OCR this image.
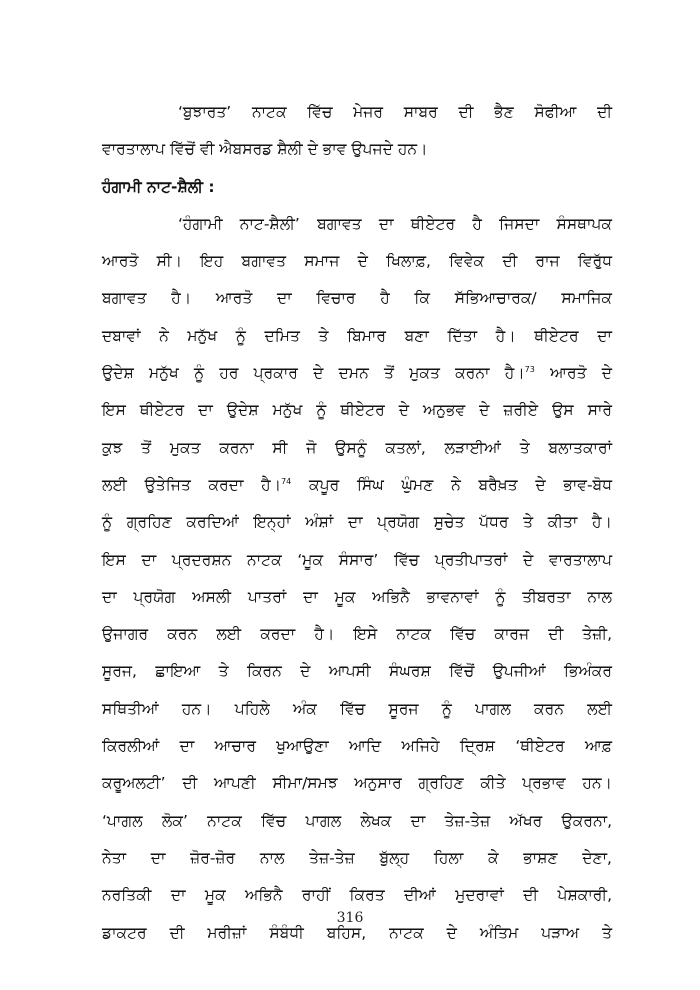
‘ਬੁਝਾਰਤ’ ਨਾਟਕ ਵਿੱਚ ਮੇਜਰ ਸਾਬਰ ਦੀ ਭੈਣ ਸੋਫੀਆ ਦੀ
ਵਾਰਤਾਲਾਪ ਵਿੱਚੋਂ ਵੀ ਐਬਸਰਡ ਸ਼ੈਲੀ ਦੇ ਭਾਵ ਉਪਜਦੇ ਹਨ।
ਹੰਗਾਮੀ ਨਾਟ-ਸ਼ੈਲੀ :
‘ਹੰਗਾਮੀ ਨਾਟ-ਸ਼ੈਲੀ’ ਬਗਾਵਤ ਦਾ ਥੀਏਟਰ ਹੈ ਜਿਸਦਾ ਸੰਸਥਾਪਕ
ਆਰਤੋ ਸੀ। ਇਹ ਬਗਾਵਤ ਸਮਾਜ ਦੇ ਖਿਲਾਫ਼, ਵਿਵੇਕ ਦੀ ਰਾਜ ਵਿਰੁੱਧ
ਬਗਾਵਤ ਹੈ। ਆਰਤੋ ਦਾ ਵਿਚਾਰ ਹੈ ਕਿ ਸੱਭਿਆਚਾਰਕ/ ਸਮਾਜਿਕ
ਦਬਾਵਾਂ ਨੇ ਮਨੁੱਖ ਨੂੰ ਦਮਿਤ ਤੇ ਬਿਮਾਰ ਬਣਾ ਦਿੱਤਾ ਹੈ। ਥੀਏਟਰ ਦਾ
ਉਦੇਸ਼ ਮਨੁੱਖ ਨੂੰ ਹਰ ਪ੍ਰਕਾਰ ਦੇ ਦਮਨ ਤੋਂ ਮੁਕਤ ਕਰਨਾ ਹੈ।$^{73}$ ਆਰਤੋ ਦੇ
ਇਸ ਥੀਏਟਰ ਦਾ ਉਦੇਸ਼ ਮਨੁੱਖ ਨੂੰ ਥੀਏਟਰ ਦੇ ਅਨੁਭਵ ਦੇ ਜ਼ਰੀਏ ਉਸ ਸਾਰੇ
ਕੁਝ ਤੋਂ ਮੁਕਤ ਕਰਨਾ ਸੀ ਜੋ ਉਸਨੂੰ ਕਤਲਾਂ, ਲੜਾਈਆਂ ਤੇ ਬਲਾਤਕਾਰਾਂ
ਲਈ ਉਤੇਜਿਤ ਕਰਦਾ ਹੈ।$^{74}$ ਕਪੂਰ ਸਿੰਘ ਘੁੰਮਣ ਨੇ ਬਰੈਖ਼ਤ ਦੇ ਭਾਵ-ਬੋਧ
ਨੂੰ ਗ੍ਰਹਿਣ ਕਰਦਿਆਂ ਇਨ੍ਹਾਂ ਅੰਸ਼ਾਂ ਦਾ ਪ੍ਰਯੋਗ ਸੁਚੇਤ ਪੱਧਰ ਤੇ ਕੀਤਾ ਹੈ।
ਇਸ ਦਾ ਪ੍ਰਦਰਸ਼ਨ ਨਾਟਕ ‘ਮੂਕ ਸੰਸਾਰ’ ਵਿੱਚ ਪ੍ਰਤੀਪਾਤਰਾਂ ਦੇ ਵਾਰਤਾਲਾਪ
ਦਾ ਪ੍ਰਯੋਗ ਅਸਲੀ ਪਾਤਰਾਂ ਦਾ ਮੂਕ ਅਭਿਨੈ ਭਾਵਨਾਵਾਂ ਨੂੰ ਤੀਬਰਤਾ ਨਾਲ
ਉਜਾਗਰ ਕਰਨ ਲਈ ਕਰਦਾ ਹੈ। ਇਸੇ ਨਾਟਕ ਵਿੱਚ ਕਾਰਜ ਦੀ ਤੇਜ਼ੀ,
ਸੂਰਜ, ਛਾਇਆ ਤੇ ਕਿਰਨ ਦੇ ਆਪਸੀ ਸੰਘਰਸ਼ ਵਿੱਚੋਂ ਉਪਜੀਆਂ ਭਿਅੰਕਰ
ਸਥਿਤੀਆਂ ਹਨ। ਪਹਿਲੇ ਅੰਕ ਵਿੱਚ ਸੂਰਜ ਨੂੰ ਪਾਗਲ ਕਰਨ ਲਈ
ਕਿਰਲੀਆਂ ਦਾ ਆਚਾਰ ਖੁਆਉਣਾ ਆਦਿ ਅਜਿਹੇ ਦ੍ਰਿਸ਼ ‘ਥੀਏਟਰ ਆਫ਼
ਕਰੂਅਲਟੀ’ ਦੀ ਆਪਣੀ ਸੀਮਾ/ਸਮਝ ਅਨੁਸਾਰ ਗ੍ਰਹਿਣ ਕੀਤੇ ਪ੍ਰਭਾਵ ਹਨ।
‘ਪਾਗਲ ਲੋਕ’ ਨਾਟਕ ਵਿੱਚ ਪਾਗਲ ਲੇਖਕ ਦਾ ਤੇਜ਼-ਤੇਜ਼ ਅੱਖਰ ਉਕਰਨਾ,
ਨੇਤਾ ਦਾ ਜ਼ੋਰ-ਜ਼ੋਰ ਨਾਲ ਤੇਜ਼-ਤੇਜ਼ ਬੁੱਲ੍ਹ ਹਿਲਾ ਕੇ ਭਾਸ਼ਣ ਦੇਣਾ,
ਨਰਤਿਕੀ ਦਾ ਮੂਕ ਅਭਿਨੈ ਰਾਹੀਂ ਕਿਰਤ ਦੀਆਂ ਮੁਦਰਾਵਾਂ ਦੀ ਪੇਸ਼ਕਾਰੀ,
ਡਾਕਟਰ ਦੀ ਮਰੀਜ਼ਾਂ ਸੰਬੰਧੀ ਬਹਿਸ, ਨਾਟਕ ਦੇ ਅੰਤਿਮ ਪੜਾਅ ਤੇ
316
